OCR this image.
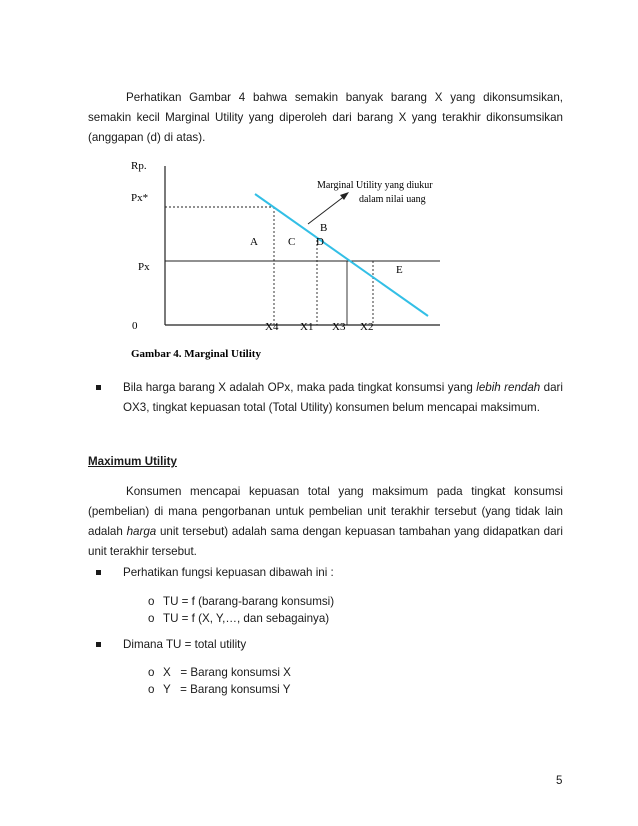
Perhatikan Gambar 4 bahwa semakin banyak barang X yang dikonsumsikan, semakin kecil Marginal Utility yang diperoleh dari barang X yang terakhir dikonsumsikan (anggapan (d) di atas).
Rp.
Px*
Px
0
Marginal Utility yang diukur
dalam nilai uang
A
B
C D
E
X4 X1 X3 X2
Gambar 4. Marginal Utility
Bila harga barang X adalah OPx, maka pada tingkat konsumsi yang lebih rendah dari OX3, tingkat kepuasan total (Total Utility) konsumen belum mencapai maksimum.
Maximum Utility
Konsumen mencapai kepuasan total yang maksimum pada tingkat konsumsi (pembelian) di mana pengorbanan untuk pembelian unit terakhir tersebut (yang tidak lain adalah harga unit tersebut) adalah sama dengan kepuasan tambahan yang didapatkan dari unit terakhir tersebut.
Perhatikan fungsi kepuasan dibawah ini :
o TU = f (barang-barang konsumsi)
o TU = f (X, Y,…, dan sebagainya)
Dimana TU = total utility
o X   = Barang konsumsi X
o Y   = Barang konsumsi Y
5
